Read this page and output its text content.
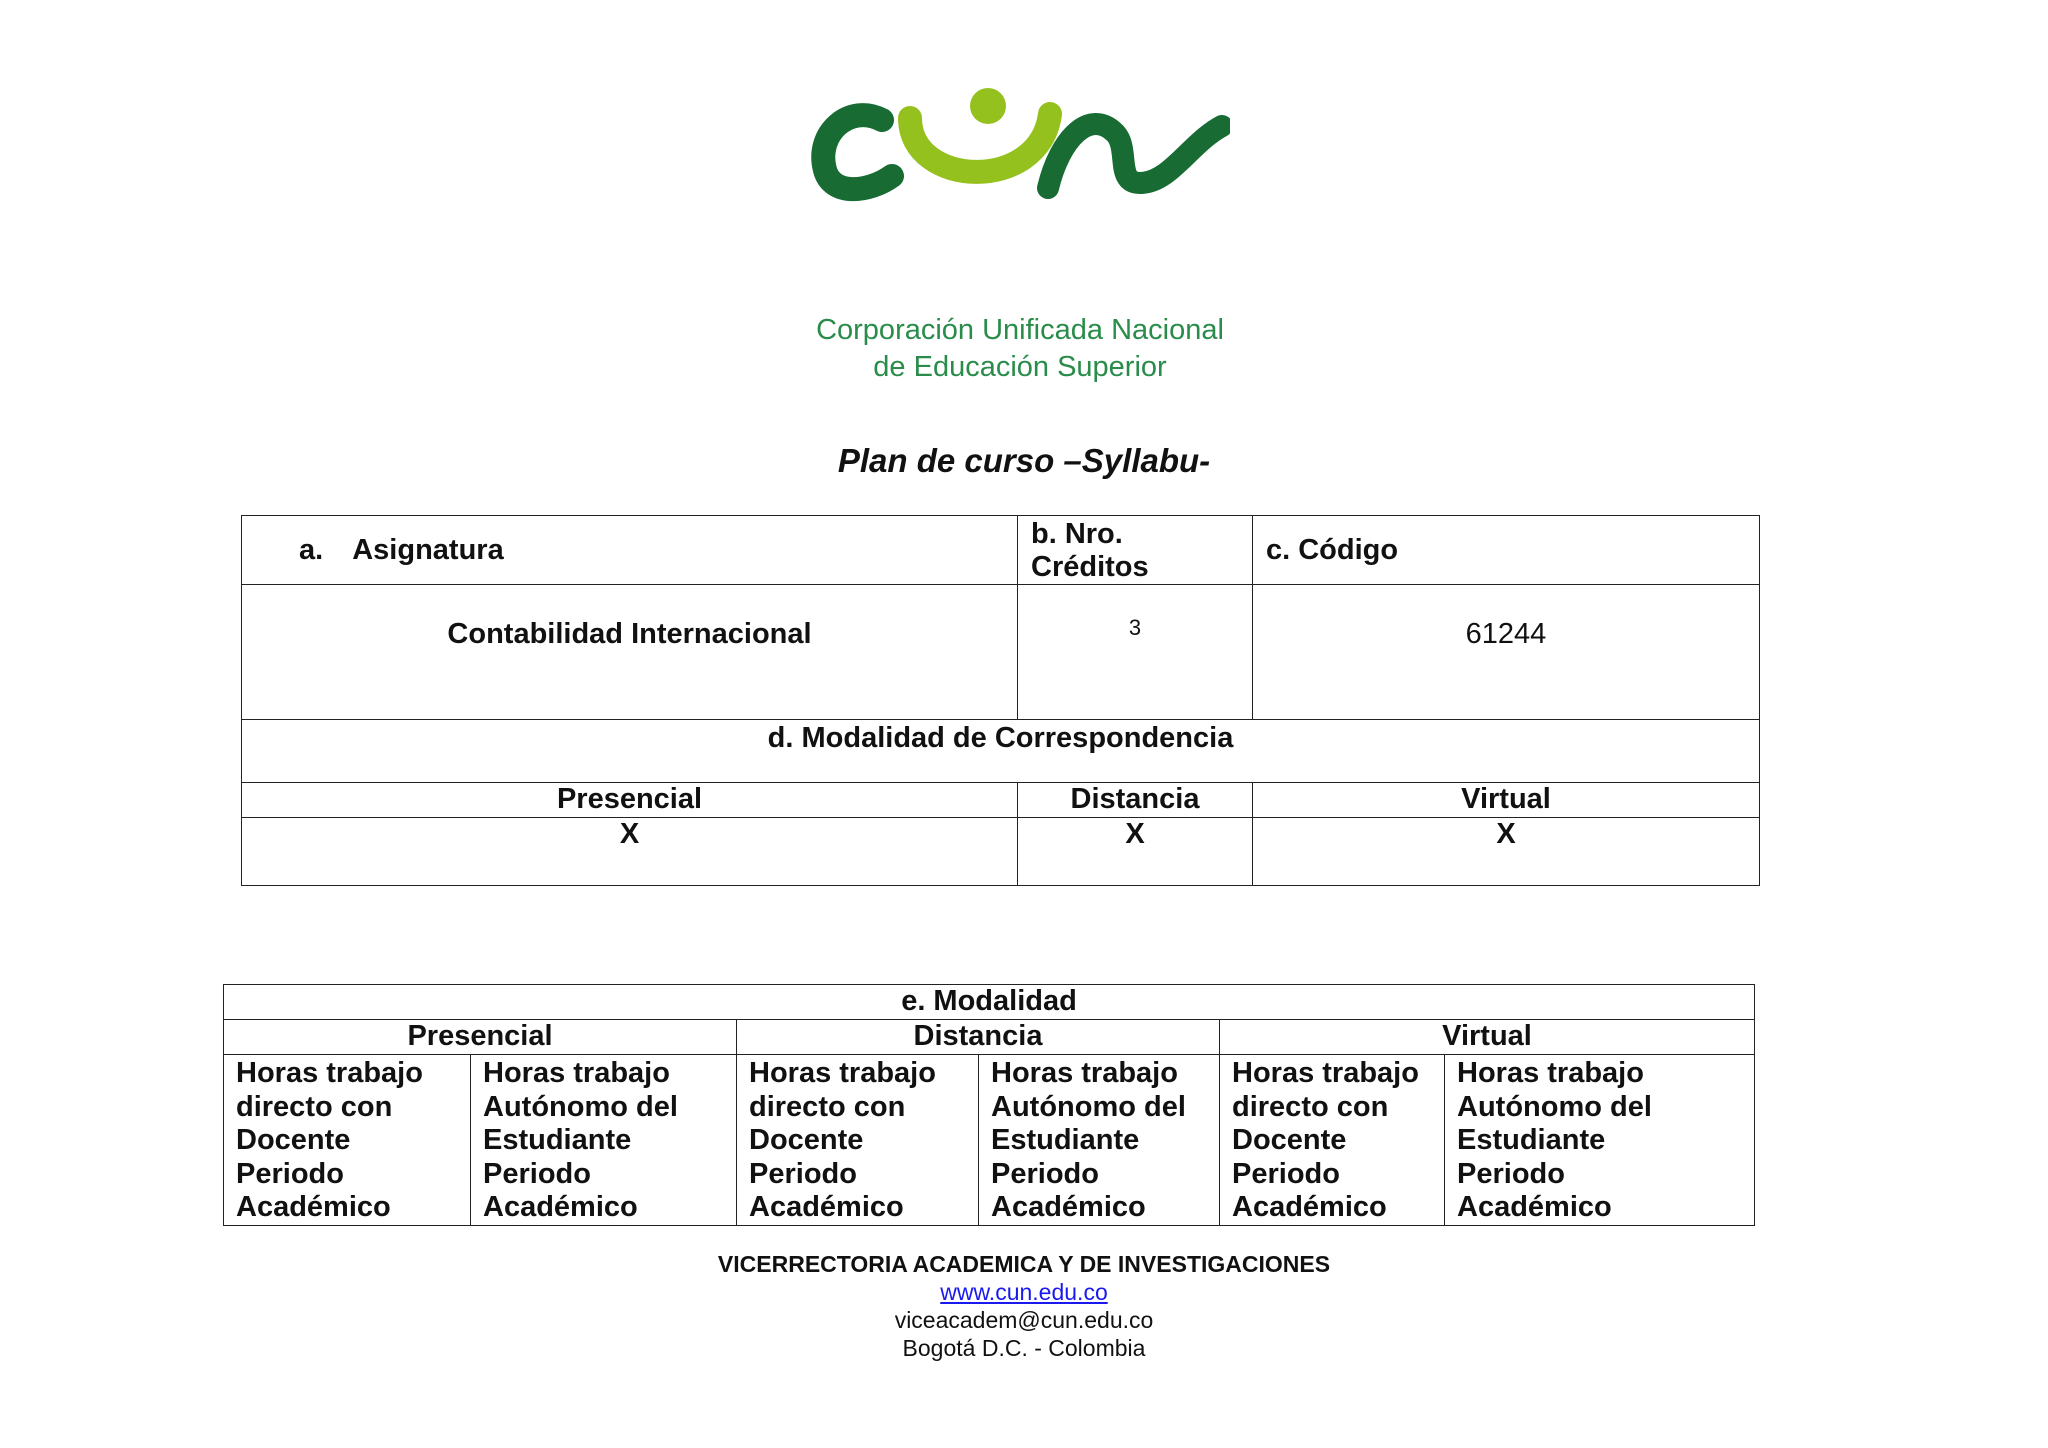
Corporación Unificada Nacional
de Educación Superior
Plan de curso –Syllabu-
a. Asignatura	b. Nro. Créditos	c. Código
Contabilidad Internacional	3	61244
d. Modalidad de Correspondencia		
Presencial	Distancia	Virtual
X	X	X
e. Modalidad					
Presencial		Distancia		Virtual	
Horas trabajo directo con Docente Periodo Académico	Horas trabajo Autónomo del Estudiante Periodo Académico	Horas trabajo directo con Docente Periodo Académico	Horas trabajo Autónomo del Estudiante Periodo Académico	Horas trabajo directo con Docente Periodo Académico	Horas trabajo Autónomo del Estudiante Periodo Académico
VICERRECTORIA ACADEMICA Y DE INVESTIGACIONES
www.cun.edu.co
viceacadem@cun.edu.co
Bogotá D.C. - Colombia
